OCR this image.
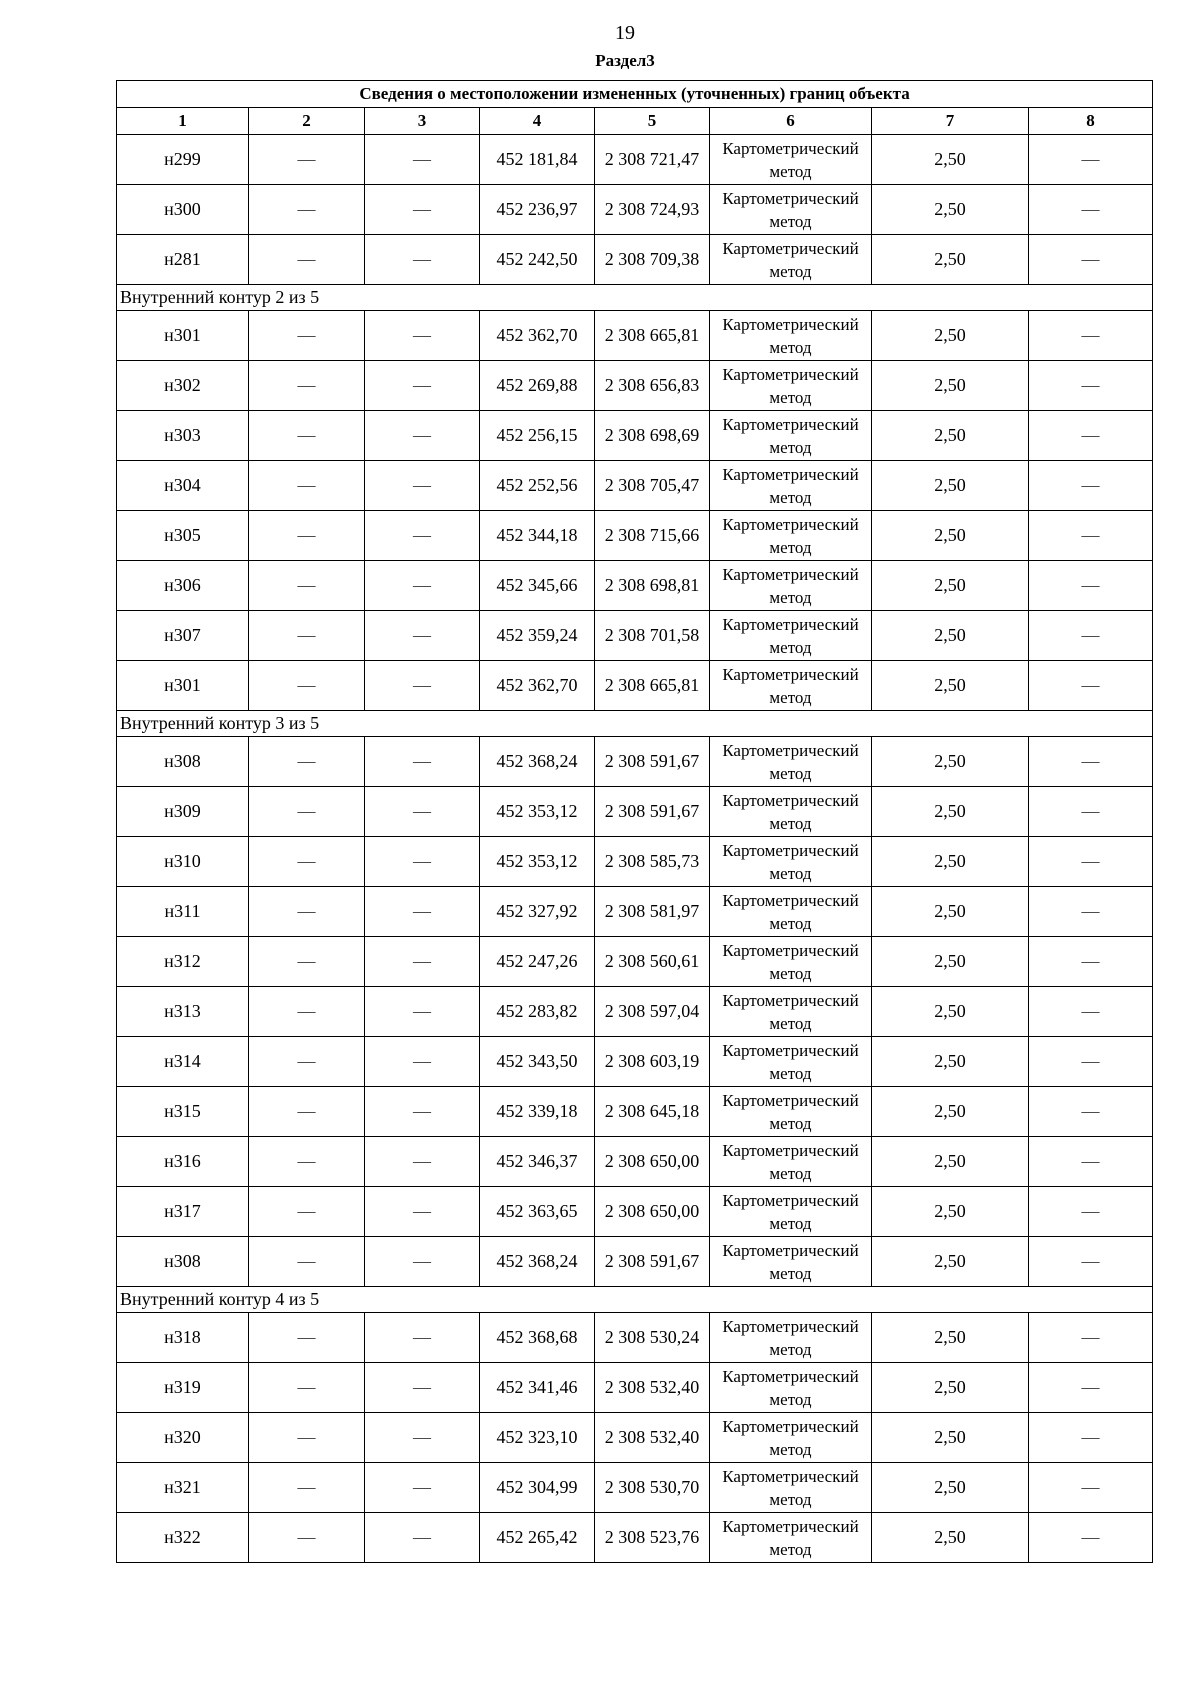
19
Раздел3
Сведения о местоположении измененных (уточненных) границ объекта							
1	2	3	4	5	6	7	8
н299	—	—	452 181,84	2 308 721,47	Картометрический метод	2,50	—
н300	—	—	452 236,97	2 308 724,93	Картометрический метод	2,50	—
н281	—	—	452 242,50	2 308 709,38	Картометрический метод	2,50	—
Внутренний контур 2 из 5							
н301	—	—	452 362,70	2 308 665,81	Картометрический метод	2,50	—
н302	—	—	452 269,88	2 308 656,83	Картометрический метод	2,50	—
н303	—	—	452 256,15	2 308 698,69	Картометрический метод	2,50	—
н304	—	—	452 252,56	2 308 705,47	Картометрический метод	2,50	—
н305	—	—	452 344,18	2 308 715,66	Картометрический метод	2,50	—
н306	—	—	452 345,66	2 308 698,81	Картометрический метод	2,50	—
н307	—	—	452 359,24	2 308 701,58	Картометрический метод	2,50	—
н301	—	—	452 362,70	2 308 665,81	Картометрический метод	2,50	—
Внутренний контур 3 из 5							
н308	—	—	452 368,24	2 308 591,67	Картометрический метод	2,50	—
н309	—	—	452 353,12	2 308 591,67	Картометрический метод	2,50	—
н310	—	—	452 353,12	2 308 585,73	Картометрический метод	2,50	—
н311	—	—	452 327,92	2 308 581,97	Картометрический метод	2,50	—
н312	—	—	452 247,26	2 308 560,61	Картометрический метод	2,50	—
н313	—	—	452 283,82	2 308 597,04	Картометрический метод	2,50	—
н314	—	—	452 343,50	2 308 603,19	Картометрический метод	2,50	—
н315	—	—	452 339,18	2 308 645,18	Картометрический метод	2,50	—
н316	—	—	452 346,37	2 308 650,00	Картометрический метод	2,50	—
н317	—	—	452 363,65	2 308 650,00	Картометрический метод	2,50	—
н308	—	—	452 368,24	2 308 591,67	Картометрический метод	2,50	—
Внутренний контур 4 из 5							
н318	—	—	452 368,68	2 308 530,24	Картометрический метод	2,50	—
н319	—	—	452 341,46	2 308 532,40	Картометрический метод	2,50	—
н320	—	—	452 323,10	2 308 532,40	Картометрический метод	2,50	—
н321	—	—	452 304,99	2 308 530,70	Картометрический метод	2,50	—
н322	—	—	452 265,42	2 308 523,76	Картометрический метод	2,50	—
